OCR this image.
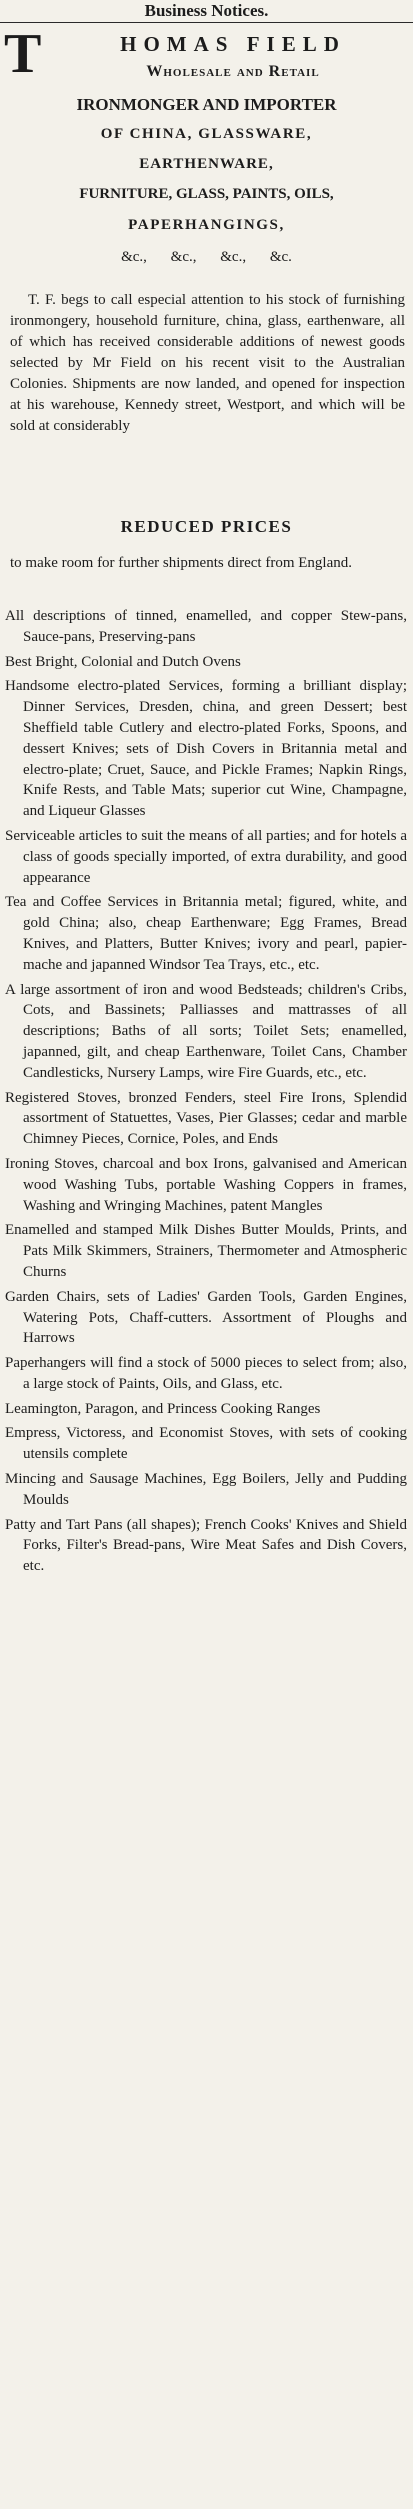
Business Notices.
T	HOMAS FIELD
Wholesale and Retail
IRONMONGER AND IMPORTER
OF CHINA, GLASSWARE,
EARTHENWARE,
FURNITURE, GLASS, PAINTS, OILS,
PAPERHANGINGS,
&c., &c., &c., &c.

T. F. begs to call especial attention to his stock of furnishing ironmongery, household furniture, china, glass, earthenware, all of which has received considerable additions of newest goods selected by Mr Field on his recent visit to the Australian Colonies. Shipments are now landed, and opened for inspection at his warehouse, Kennedy street, Westport, and which will be sold at considerably

REDUCED PRICES

to make room for further shipments direct from England.

All descriptions of tinned, enamelled, and copper Stew-pans, Sauce-pans, Preserving-pans
Best Bright, Colonial and Dutch Ovens
Handsome electro-plated Services, forming a brilliant display; Dinner Services, Dresden, china, and green Dessert; best Sheffield table Cutlery and electro-plated Forks, Spoons, and dessert Knives; sets of Dish Covers in Britannia metal and electro-plate; Cruet, Sauce, and Pickle Frames; Napkin Rings, Knife Rests, and Table Mats; superior cut Wine, Champagne, and Liqueur Glasses
Serviceable articles to suit the means of all parties; and for hotels a class of goods specially imported, of extra durability, and good appearance
Tea and Coffee Services in Britannia metal; figured, white, and gold China; also, cheap Earthenware; Egg Frames, Bread Knives, and Platters, Butter Knives; ivory and pearl, papier-mache and japanned Windsor Tea Trays, etc., etc.
A large assortment of iron and wood Bedsteads; children's Cribs, Cots, and Bassinets; Palliasses and mattrasses of all descriptions; Baths of all sorts; Toilet Sets; enamelled, japanned, gilt, and cheap Earthenware, Toilet Cans, Chamber Candlesticks, Nursery Lamps, wire Fire Guards, etc., etc.
Registered Stoves, bronzed Fenders, steel Fire Irons, Splendid assortment of Statuettes, Vases, Pier Glasses; cedar and marble Chimney Pieces, Cornice, Poles, and Ends
Ironing Stoves, charcoal and box Irons, galvanised and American wood Washing Tubs, portable Washing Coppers in frames, Washing and Wringing Machines, patent Mangles
Enamelled and stamped Milk Dishes Butter Moulds, Prints, and Pats Milk Skimmers, Strainers, Thermometer and Atmospheric Churns
Garden Chairs, sets of Ladies' Garden Tools, Garden Engines, Watering Pots, Chaff-cutters. Assortment of Ploughs and Harrows
Paperhangers will find a stock of 5000 pieces to select from; also, a large stock of Paints, Oils, and Glass, etc.
Leamington, Paragon, and Princess Cooking Ranges
Empress, Victoress, and Economist Stoves, with sets of cooking utensils complete
Mincing and Sausage Machines, Egg Boilers, Jelly and Pudding Moulds
Patty and Tart Pans (all shapes); French Cooks' Knives and Shield Forks, Filter's Bread-pans, Wire Meat Safes and Dish Covers, etc.
